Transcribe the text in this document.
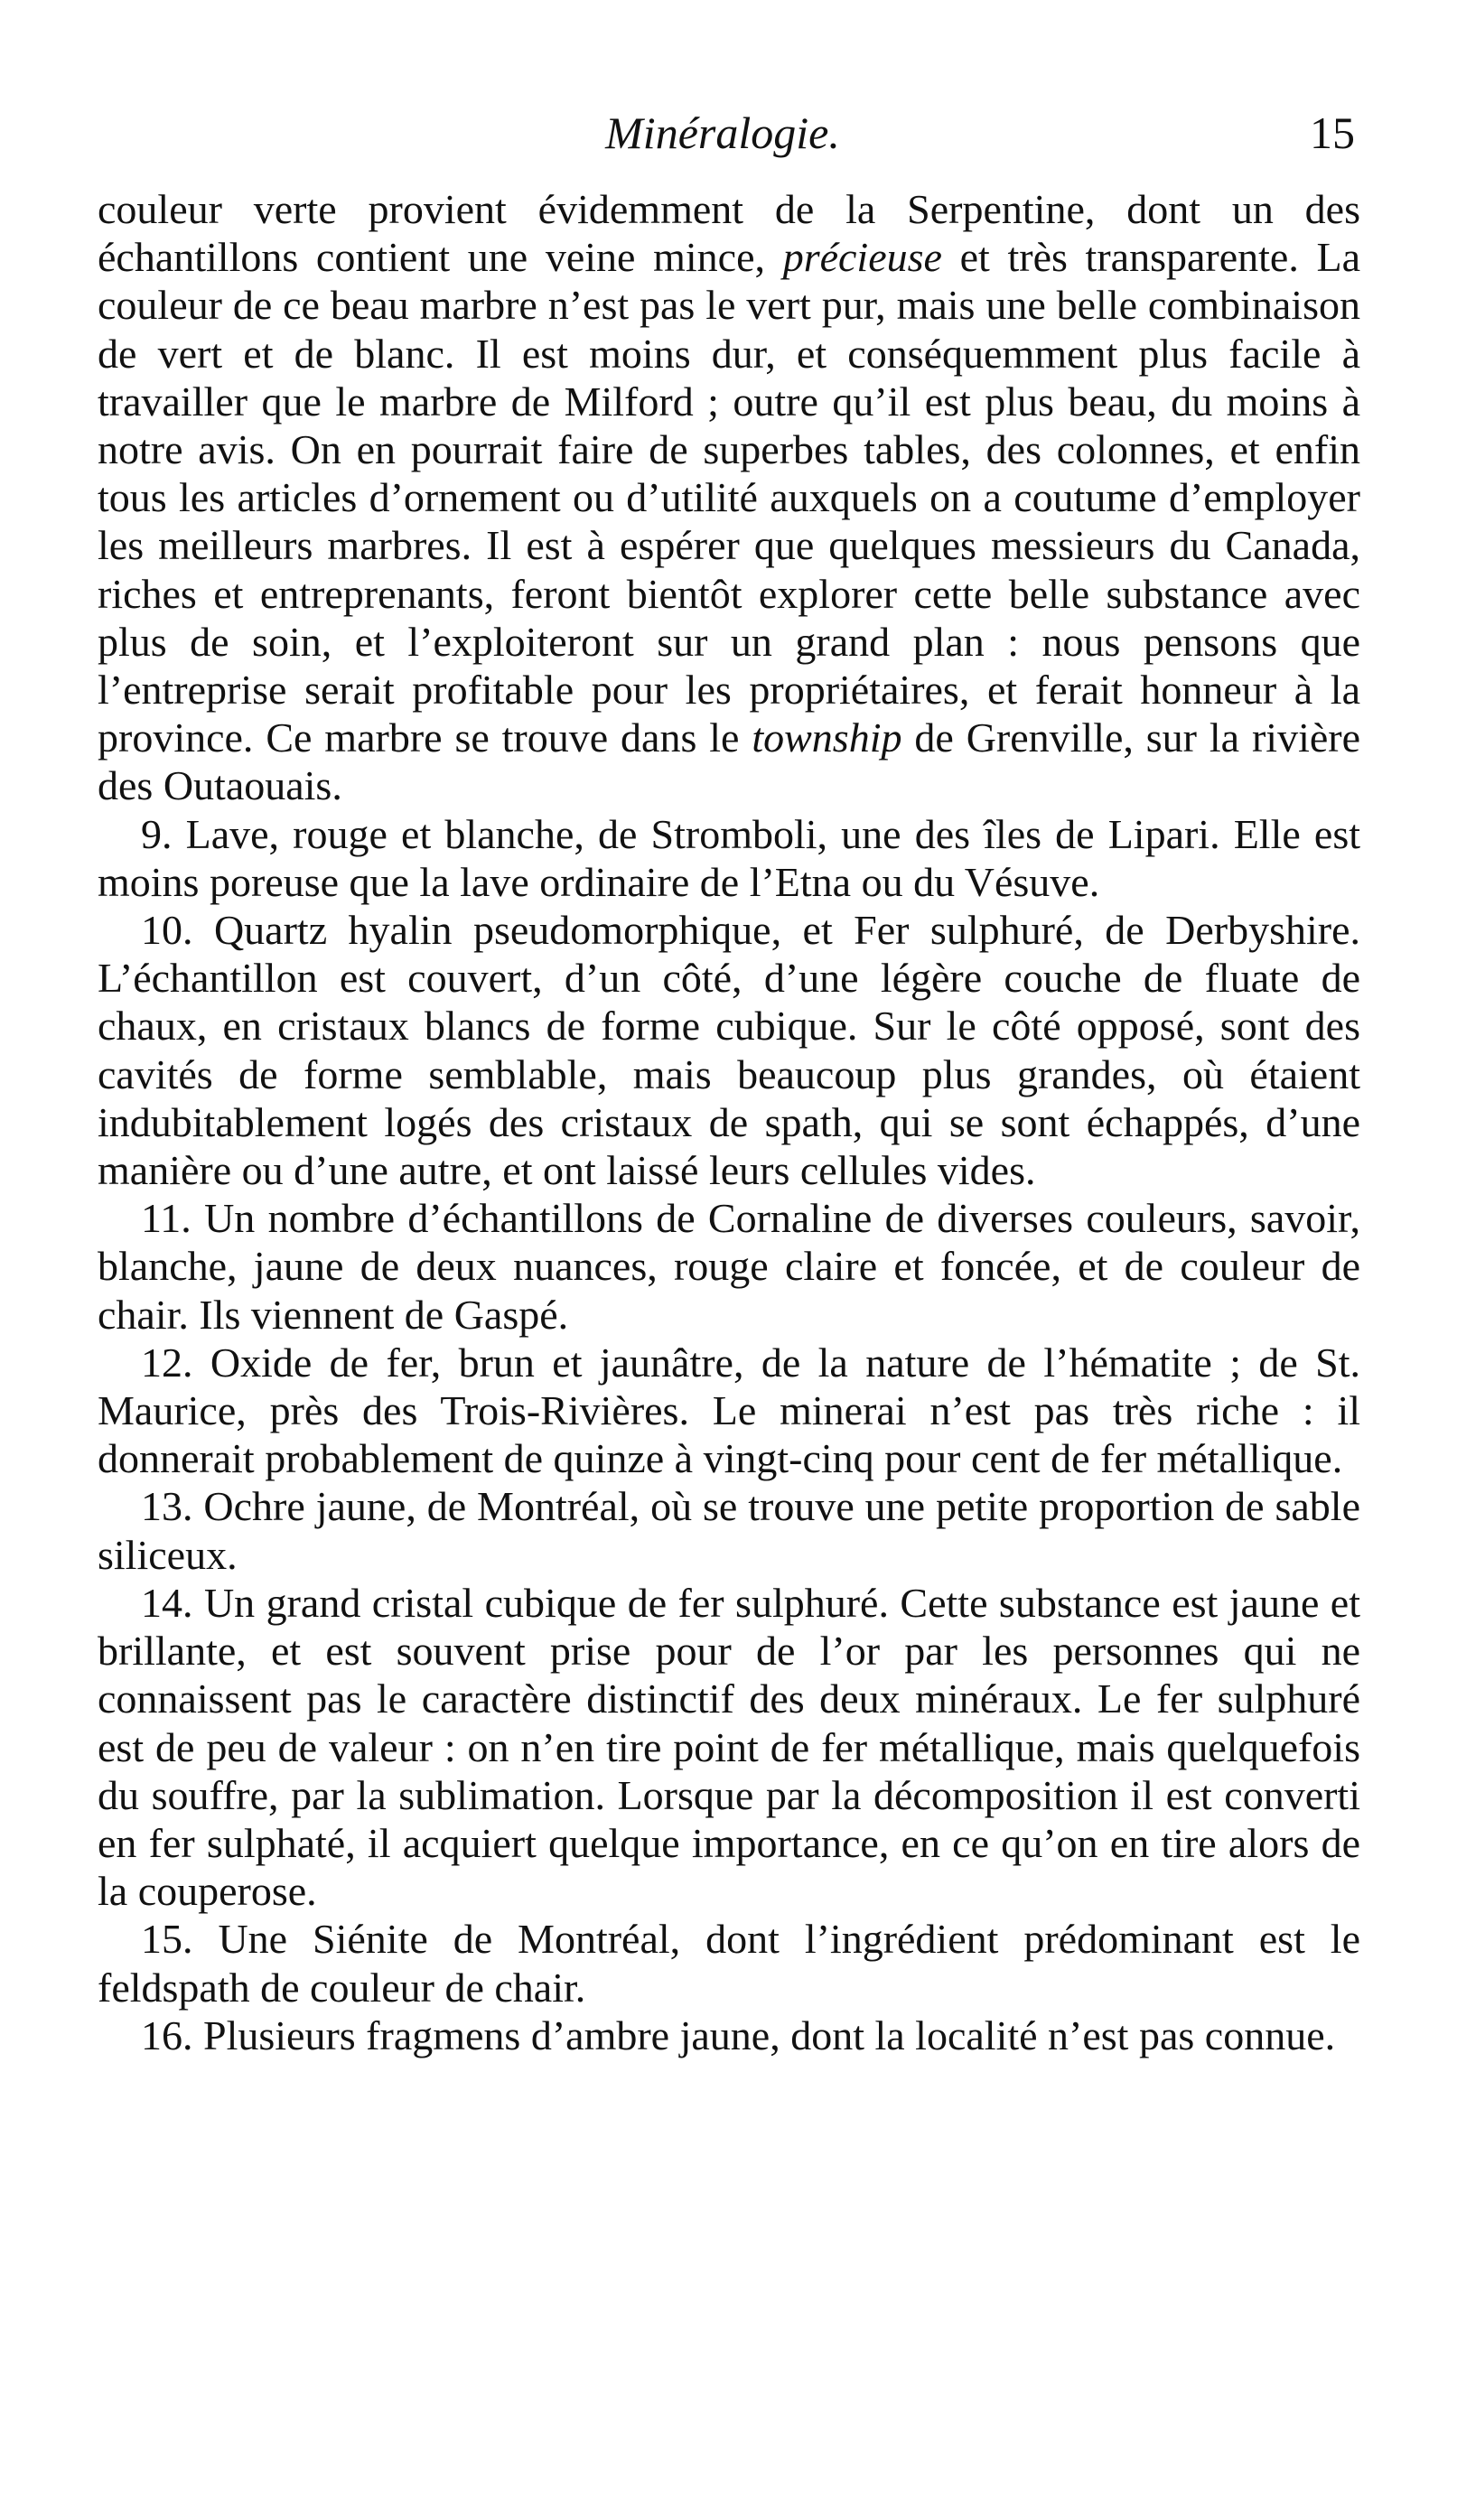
Minéralogie.	15

couleur verte provient évidemment de la Serpentine, dont un des échantillons contient une veine mince, précieuse et très transparente. La couleur de ce beau marbre n’est pas le vert pur, mais une belle combinaison de vert et de blanc. Il est moins dur, et conséquemment plus facile à travailler que le marbre de Milford ; outre qu’il est plus beau, du moins à notre avis. On en pourrait faire de superbes tables, des colonnes, et enfin tous les articles d’ornement ou d’utilité auxquels on a coutume d’employer les meilleurs marbres. Il est à espérer que quelques messieurs du Canada, riches et entreprenants, feront bientôt explorer cette belle substance avec plus de soin, et l’exploiteront sur un grand plan : nous pensons que l’entreprise serait profitable pour les propriétaires, et ferait honneur à la province. Ce marbre se trouve dans le township de Grenville, sur la rivière des Outaouais.

9. Lave, rouge et blanche, de Stromboli, une des îles de Lipari. Elle est moins poreuse que la lave ordinaire de l’Etna ou du Vésuve.

10. Quartz hyalin pseudomorphique, et Fer sulphuré, de Derbyshire. L’échantillon est couvert, d’un côté, d’une légère couche de fluate de chaux, en cristaux blancs de forme cubique. Sur le côté opposé, sont des cavités de forme semblable, mais beaucoup plus grandes, où étaient indubitablement logés des cristaux de spath, qui se sont échappés, d’une manière ou d’une autre, et ont laissé leurs cellules vides.

11. Un nombre d’échantillons de Cornaline de diverses couleurs, savoir, blanche, jaune de deux nuances, rouge claire et foncée, et de couleur de chair. Ils viennent de Gaspé.

12. Oxide de fer, brun et jaunâtre, de la nature de l’hématite ; de St. Maurice, près des Trois-Rivières. Le minerai n’est pas très riche : il donnerait probablement de quinze à vingt-cinq pour cent de fer métallique.

13. Ochre jaune, de Montréal, où se trouve une petite proportion de sable siliceux.

14. Un grand cristal cubique de fer sulphuré. Cette substance est jaune et brillante, et est souvent prise pour de l’or par les personnes qui ne connaissent pas le caractère distinctif des deux minéraux. Le fer sulphuré est de peu de valeur : on n’en tire point de fer métallique, mais quelquefois du souffre, par la sublimation. Lorsque par la décomposition il est converti en fer sulphaté, il acquiert quelque importance, en ce qu’on en tire alors de la couperose.

15. Une Siénite de Montréal, dont l’ingrédient prédominant est le feldspath de couleur de chair.

16. Plusieurs fragmens d’ambre jaune, dont la localité n’est pas connue.
